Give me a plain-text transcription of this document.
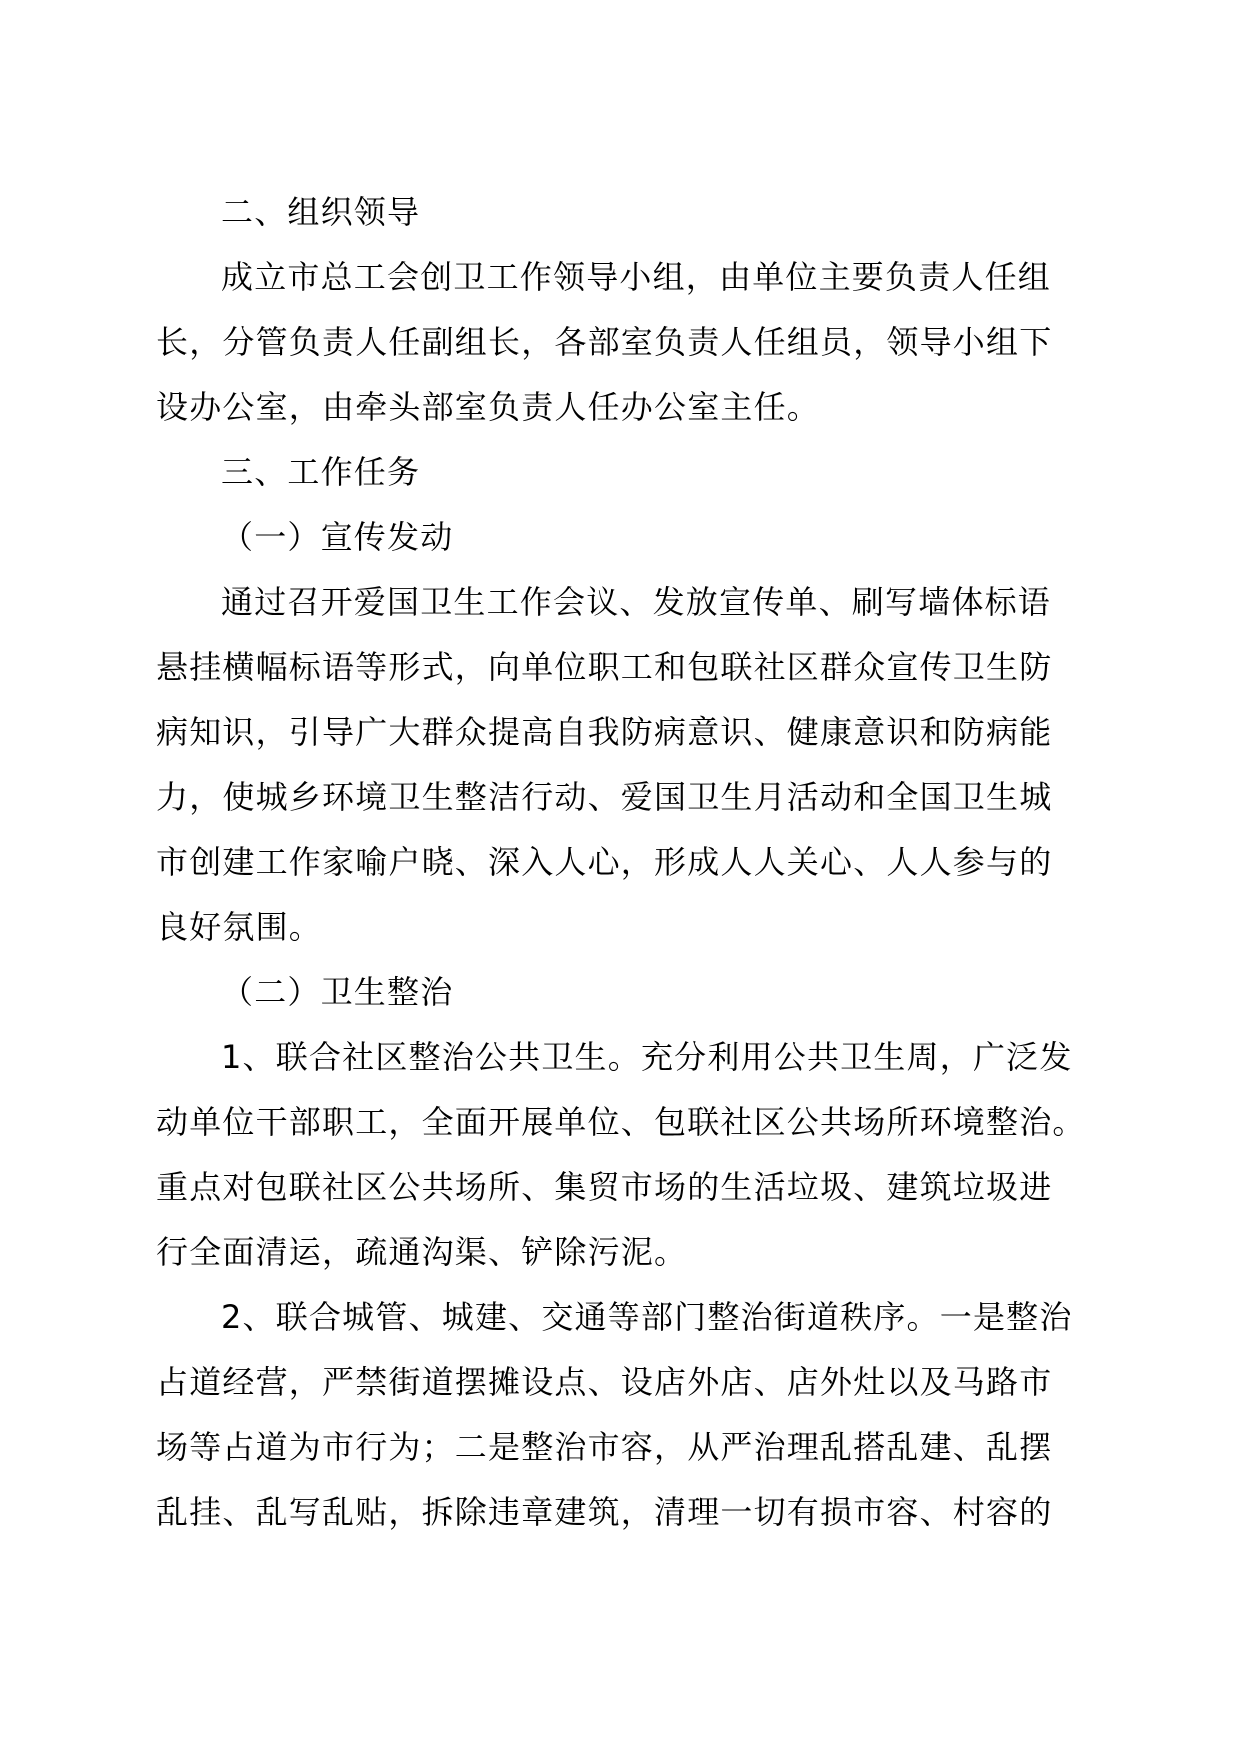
二、组织领导
成立市总工会创卫工作领导小组，由单位主要负责人任组
长，分管负责人任副组长，各部室负责人任组员，领导小组下
设办公室，由牵头部室负责人任办公室主任。
三、工作任务
（一）宣传发动
通过召开爱国卫生工作会议、发放宣传单、刷写墙体标语
悬挂横幅标语等形式，向单位职工和包联社区群众宣传卫生防
病知识，引导广大群众提高自我防病意识、健康意识和防病能
力，使城乡环境卫生整洁行动、爱国卫生月活动和全国卫生城
市创建工作家喻户晓、深入人心，形成人人关心、人人参与的
良好氛围。
（二）卫生整治
1、联合社区整治公共卫生。充分利用公共卫生周，广泛发
动单位干部职工，全面开展单位、包联社区公共场所环境整治。
重点对包联社区公共场所、集贸市场的生活垃圾、建筑垃圾进
行全面清运，疏通沟渠、铲除污泥。
2、联合城管、城建、交通等部门整治街道秩序。一是整治
占道经营，严禁街道摆摊设点、设店外店、店外灶以及马路市
场等占道为市行为；二是整治市容，从严治理乱搭乱建、乱摆
乱挂、乱写乱贴，拆除违章建筑，清理一切有损市容、村容的
